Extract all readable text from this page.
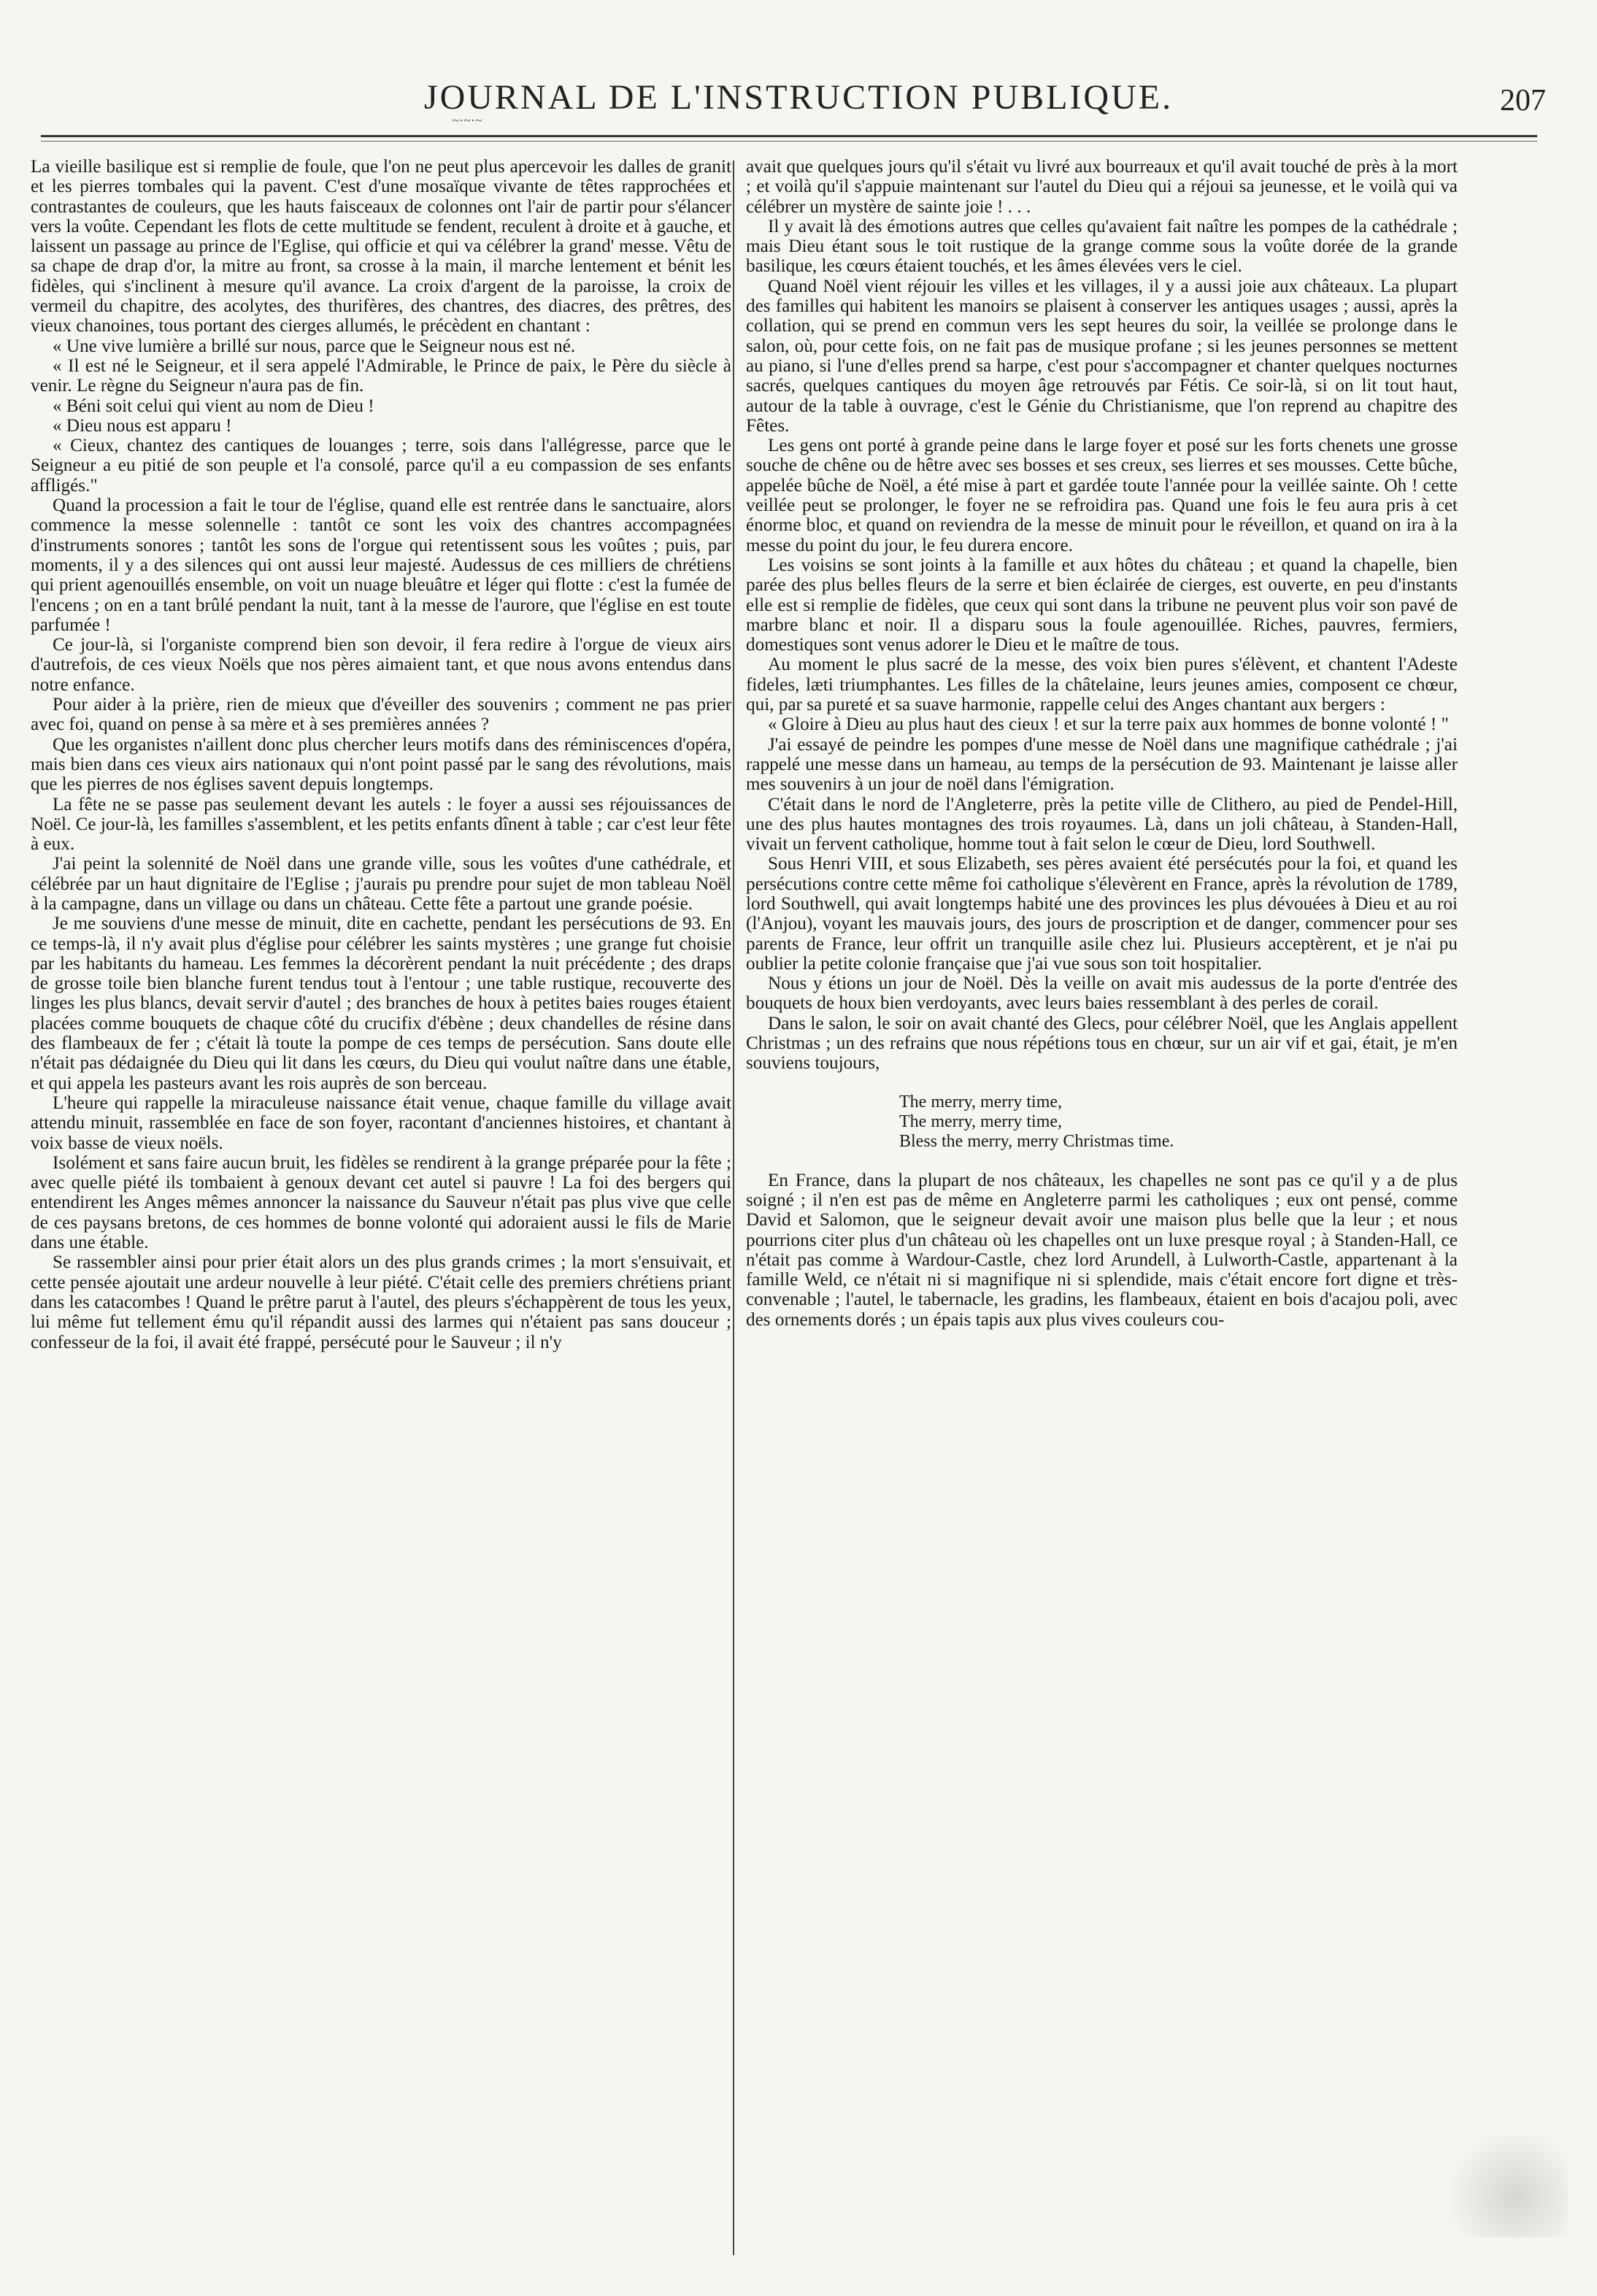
JOURNAL DE L'INSTRUCTION PUBLIQUE.	207
~·~·~

La vieille basilique est si remplie de foule, que l'on ne peut plus apercevoir les dalles de granit et les pierres tombales qui la pavent. C'est d'une mosaïque vivante de têtes rapprochées et contrastantes de couleurs, que les hauts faisceaux de colonnes ont l'air de partir pour s'élancer vers la voûte. Cependant les flots de cette multitude se fendent, reculent à droite et à gauche, et laissent un passage au prince de l'Eglise, qui officie et qui va célébrer la grand' messe. Vêtu de sa chape de drap d'or, la mitre au front, sa crosse à la main, il marche lentement et bénit les fidèles, qui s'inclinent à mesure qu'il avance. La croix d'argent de la paroisse, la croix de vermeil du chapitre, des acolytes, des thurifères, des chantres, des diacres, des prêtres, des vieux chanoines, tous portant des cierges allumés, le précèdent en chantant :

« Une vive lumière a brillé sur nous, parce que le Seigneur nous est né.

« Il est né le Seigneur, et il sera appelé l'Admirable, le Prince de paix, le Père du siècle à venir. Le règne du Seigneur n'aura pas de fin.

« Béni soit celui qui vient au nom de Dieu !

« Dieu nous est apparu !

« Cieux, chantez des cantiques de louanges ; terre, sois dans l'allégresse, parce que le Seigneur a eu pitié de son peuple et l'a consolé, parce qu'il a eu compassion de ses enfants affligés."

Quand la procession a fait le tour de l'église, quand elle est rentrée dans le sanctuaire, alors commence la messe solennelle : tantôt ce sont les voix des chantres accompagnées d'instruments sonores ; tantôt les sons de l'orgue qui retentissent sous les voûtes ; puis, par moments, il y a des silences qui ont aussi leur majesté. Audessus de ces milliers de chrétiens qui prient agenouillés ensemble, on voit un nuage bleuâtre et léger qui flotte : c'est la fumée de l'encens ; on en a tant brûlé pendant la nuit, tant à la messe de l'aurore, que l'église en est toute parfumée !

Ce jour-là, si l'organiste comprend bien son devoir, il fera redire à l'orgue de vieux airs d'autrefois, de ces vieux Noëls que nos pères aimaient tant, et que nous avons entendus dans notre enfance.

Pour aider à la prière, rien de mieux que d'éveiller des souvenirs ; comment ne pas prier avec foi, quand on pense à sa mère et à ses premières années ?

Que les organistes n'aillent donc plus chercher leurs motifs dans des réminiscences d'opéra, mais bien dans ces vieux airs nationaux qui n'ont point passé par le sang des révolutions, mais que les pierres de nos églises savent depuis longtemps.

La fête ne se passe pas seulement devant les autels : le foyer a aussi ses réjouissances de Noël. Ce jour-là, les familles s'assemblent, et les petits enfants dînent à table ; car c'est leur fête à eux.

J'ai peint la solennité de Noël dans une grande ville, sous les voûtes d'une cathédrale, et célébrée par un haut dignitaire de l'Eglise ; j'aurais pu prendre pour sujet de mon tableau Noël à la campagne, dans un village ou dans un château. Cette fête a partout une grande poésie.

Je me souviens d'une messe de minuit, dite en cachette, pendant les persécutions de 93. En ce temps-là, il n'y avait plus d'église pour célébrer les saints mystères ; une grange fut choisie par les habitants du hameau. Les femmes la décorèrent pendant la nuit précédente ; des draps de grosse toile bien blanche furent tendus tout à l'entour ; une table rustique, recouverte des linges les plus blancs, devait servir d'autel ; des branches de houx à petites baies rouges étaient placées comme bouquets de chaque côté du crucifix d'ébène ; deux chandelles de résine dans des flambeaux de fer ; c'était là toute la pompe de ces temps de persécution. Sans doute elle n'était pas dédaignée du Dieu qui lit dans les cœurs, du Dieu qui voulut naître dans une étable, et qui appela les pasteurs avant les rois auprès de son berceau.

L'heure qui rappelle la miraculeuse naissance était venue, chaque famille du village avait attendu minuit, rassemblée en face de son foyer, racontant d'anciennes histoires, et chantant à voix basse de vieux noëls.

Isolément et sans faire aucun bruit, les fidèles se rendirent à la grange préparée pour la fête ; avec quelle piété ils tombaient à genoux devant cet autel si pauvre ! La foi des bergers qui entendirent les Anges mêmes annoncer la naissance du Sauveur n'était pas plus vive que celle de ces paysans bretons, de ces hommes de bonne volonté qui adoraient aussi le fils de Marie dans une étable.

Se rassembler ainsi pour prier était alors un des plus grands crimes ; la mort s'ensuivait, et cette pensée ajoutait une ardeur nouvelle à leur piété. C'était celle des premiers chrétiens priant dans les catacombes ! Quand le prêtre parut à l'autel, des pleurs s'échappèrent de tous les yeux, lui même fut tellement ému qu'il répandit aussi des larmes qui n'étaient pas sans douceur ; confesseur de la foi, il avait été frappé, persécuté pour le Sauveur ; il n'y

avait que quelques jours qu'il s'était vu livré aux bourreaux et qu'il avait touché de près à la mort ; et voilà qu'il s'appuie maintenant sur l'autel du Dieu qui a réjoui sa jeunesse, et le voilà qui va célébrer un mystère de sainte joie ! . . .

Il y avait là des émotions autres que celles qu'avaient fait naître les pompes de la cathédrale ; mais Dieu étant sous le toit rustique de la grange comme sous la voûte dorée de la grande basilique, les cœurs étaient touchés, et les âmes élevées vers le ciel.

Quand Noël vient réjouir les villes et les villages, il y a aussi joie aux châteaux. La plupart des familles qui habitent les manoirs se plaisent à conserver les antiques usages ; aussi, après la collation, qui se prend en commun vers les sept heures du soir, la veillée se prolonge dans le salon, où, pour cette fois, on ne fait pas de musique profane ; si les jeunes personnes se mettent au piano, si l'une d'elles prend sa harpe, c'est pour s'accompagner et chanter quelques nocturnes sacrés, quelques cantiques du moyen âge retrouvés par Fétis. Ce soir-là, si on lit tout haut, autour de la table à ouvrage, c'est le Génie du Christianisme, que l'on reprend au chapitre des Fêtes.

Les gens ont porté à grande peine dans le large foyer et posé sur les forts chenets une grosse souche de chêne ou de hêtre avec ses bosses et ses creux, ses lierres et ses mousses. Cette bûche, appelée bûche de Noël, a été mise à part et gardée toute l'année pour la veillée sainte. Oh ! cette veillée peut se prolonger, le foyer ne se refroidira pas. Quand une fois le feu aura pris à cet énorme bloc, et quand on reviendra de la messe de minuit pour le réveillon, et quand on ira à la messe du point du jour, le feu durera encore.

Les voisins se sont joints à la famille et aux hôtes du château ; et quand la chapelle, bien parée des plus belles fleurs de la serre et bien éclairée de cierges, est ouverte, en peu d'instants elle est si remplie de fidèles, que ceux qui sont dans la tribune ne peuvent plus voir son pavé de marbre blanc et noir. Il a disparu sous la foule agenouillée. Riches, pauvres, fermiers, domestiques sont venus adorer le Dieu et le maître de tous.

Au moment le plus sacré de la messe, des voix bien pures s'élèvent, et chantent l'Adeste fideles, læti triumphantes. Les filles de la châtelaine, leurs jeunes amies, composent ce chœur, qui, par sa pureté et sa suave harmonie, rappelle celui des Anges chantant aux bergers :

« Gloire à Dieu au plus haut des cieux ! et sur la terre paix aux hommes de bonne volonté ! "

J'ai essayé de peindre les pompes d'une messe de Noël dans une magnifique cathédrale ; j'ai rappelé une messe dans un hameau, au temps de la persécution de 93. Maintenant je laisse aller mes souvenirs à un jour de noël dans l'émigration.

C'était dans le nord de l'Angleterre, près la petite ville de Clithero, au pied de Pendel-Hill, une des plus hautes montagnes des trois royaumes. Là, dans un joli château, à Standen-Hall, vivait un fervent catholique, homme tout à fait selon le cœur de Dieu, lord Southwell.

Sous Henri VIII, et sous Elizabeth, ses pères avaient été persécutés pour la foi, et quand les persécutions contre cette même foi catholique s'élevèrent en France, après la révolution de 1789, lord Southwell, qui avait longtemps habité une des provinces les plus dévouées à Dieu et au roi (l'Anjou), voyant les mauvais jours, des jours de proscription et de danger, commencer pour ses parents de France, leur offrit un tranquille asile chez lui. Plusieurs acceptèrent, et je n'ai pu oublier la petite colonie française que j'ai vue sous son toit hospitalier.

Nous y étions un jour de Noël. Dès la veille on avait mis audessus de la porte d'entrée des bouquets de houx bien verdoyants, avec leurs baies ressemblant à des perles de corail.

Dans le salon, le soir on avait chanté des Glecs, pour célébrer Noël, que les Anglais appellent Christmas ; un des refrains que nous répétions tous en chœur, sur un air vif et gai, était, je m'en souviens toujours,

The merry, merry time,
The merry, merry time,
Bless the merry, merry Christmas time.

En France, dans la plupart de nos châteaux, les chapelles ne sont pas ce qu'il y a de plus soigné ; il n'en est pas de même en Angleterre parmi les catholiques ; eux ont pensé, comme David et Salomon, que le seigneur devait avoir une maison plus belle que la leur ; et nous pourrions citer plus d'un château où les chapelles ont un luxe presque royal ; à Standen-Hall, ce n'était pas comme à Wardour-Castle, chez lord Arundell, à Lulworth-Castle, appartenant à la famille Weld, ce n'était ni si magnifique ni si splendide, mais c'était encore fort digne et très-convenable ; l'autel, le tabernacle, les gradins, les flambeaux, étaient en bois d'acajou poli, avec des ornements dorés ; un épais tapis aux plus vives couleurs cou-
